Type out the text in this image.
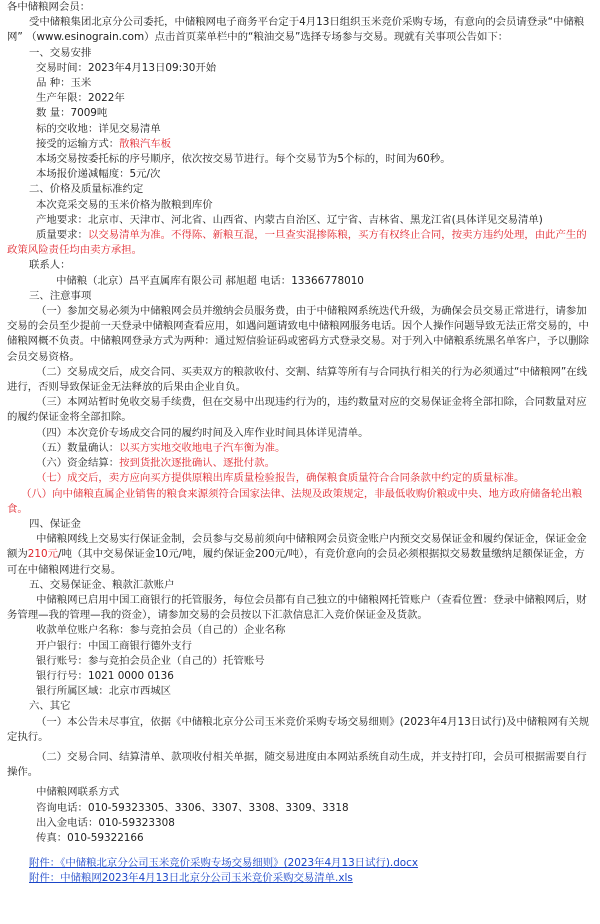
各中储粮网会员：

受中储粮集团北京分公司委托，中储粮网电子商务平台定于4月13日组织玉米竞价采购专场，有意向的会员请登录“中储粮网” （www.esinograin.com）点击首页菜单栏中的“粮油交易”选择专场参与交易。现就有关事项公告如下：

一、交易安排

交易时间：2023年4月13日09:30开始

品 种：玉米

生产年限：2022年

数 量：7009吨

标的交收地：详见交易清单

接受的运输方式：散粮汽车板

本场交易按委托标的序号顺序，依次按交易节进行。每个交易节为5个标的，时间为60秒。

本场报价递减幅度：5元/次

二、价格及质量标准约定

本次竞采交易的玉米价格为散粮到库价

产地要求：北京市、天津市、河北省、山西省、内蒙古自治区、辽宁省、吉林省、黑龙江省(具体详见交易清单)

质量要求：以交易清单为准。不得陈、新粮互混，一旦查实混掺陈粮，买方有权终止合同，按卖方违约处理，由此产生的政策风险责任均由卖方承担。

联系人：

中储粮（北京）昌平直属库有限公司 郝旭超 电话：13366778010

三、注意事项

（一）参加交易必须为中储粮网会员并缴纳会员服务费，由于中储粮网系统迭代升级，为确保会员交易正常进行，请参加交易的会员至少提前一天登录中储粮网查看应用，如遇问题请致电中储粮网服务电话。因个人操作问题导致无法正常交易的，中储粮网概不负责。中储粮网登录方式为两种：通过短信验证码或密码方式登录交易。对于列入中储粮系统黑名单客户，予以删除会员交易资格。

（二）交易成交后，成交合同、买卖双方的粮款收付、交割、结算等所有与合同执行相关的行为必须通过“中储粮网”在线进行，否则导致保证金无法释放的后果由企业自负。

（三）本网站暂时免收交易手续费，但在交易中出现违约行为的，违约数量对应的交易保证金将全部扣除，合同数量对应的履约保证金将全部扣除。

（四）本次竞价专场成交合同的履约时间及入库作业时间具体详见清单。

（五）数量确认：以买方实地交收地电子汽车衡为准。

（六）资金结算：按到货批次逐批确认、逐批付款。

（七）成交后，卖方应向买方提供原粮出库质量检验报告，确保粮食质量符合合同条款中约定的质量标准。

（八）向中储粮直属企业销售的粮食来源须符合国家法律、法规及政策规定，非最低收购价粮或中央、地方政府储备轮出粮食。

四、保证金

中储粮网线上交易实行保证金制，会员参与交易前须向中储粮网会员资金账户内预交交易保证金和履约保证金，保证金金额为210元/吨（其中交易保证金10元/吨，履约保证金200元/吨），有竞价意向的会员必须根据拟交易数量缴纳足额保证金，方可在中储粮网进行交易。

五、交易保证金、粮款汇款账户

中储粮网已启用中国工商银行的托管服务，每位会员都有自己独立的中储粮网托管账户（查看位置：登录中储粮网后，财务管理—我的管理—我的资金），请参加交易的会员按以下汇款信息汇入竞价保证金及货款。

收款单位账户名称：参与竞拍会员（自己的）企业名称

开户银行：中国工商银行德外支行

银行账号：参与竞拍会员企业（自己的）托管账号

银行行号：1021 0000 0136

银行所属区域：北京市西城区

六、其它

（一）本公告未尽事宜，依据《中储粮北京分公司玉米竞价采购专场交易细则》(2023年4月13日试行)及中储粮网有关规定执行。

（二）交易合同、结算清单、款项收付相关单据，随交易进度由本网站系统自动生成，并支持打印，会员可根据需要自行操作。

中储粮网联系方式

咨询电话：010-59323305、3306、3307、3308、3309、3318

出入金电话：010-59323308

传真：010-59322166

附件：《中储粮北京分公司玉米竞价采购专场交易细则》(2023年4月13日试行).docx
附件：中储粮网2023年4月13日北京分公司玉米竞价采购交易清单.xls
